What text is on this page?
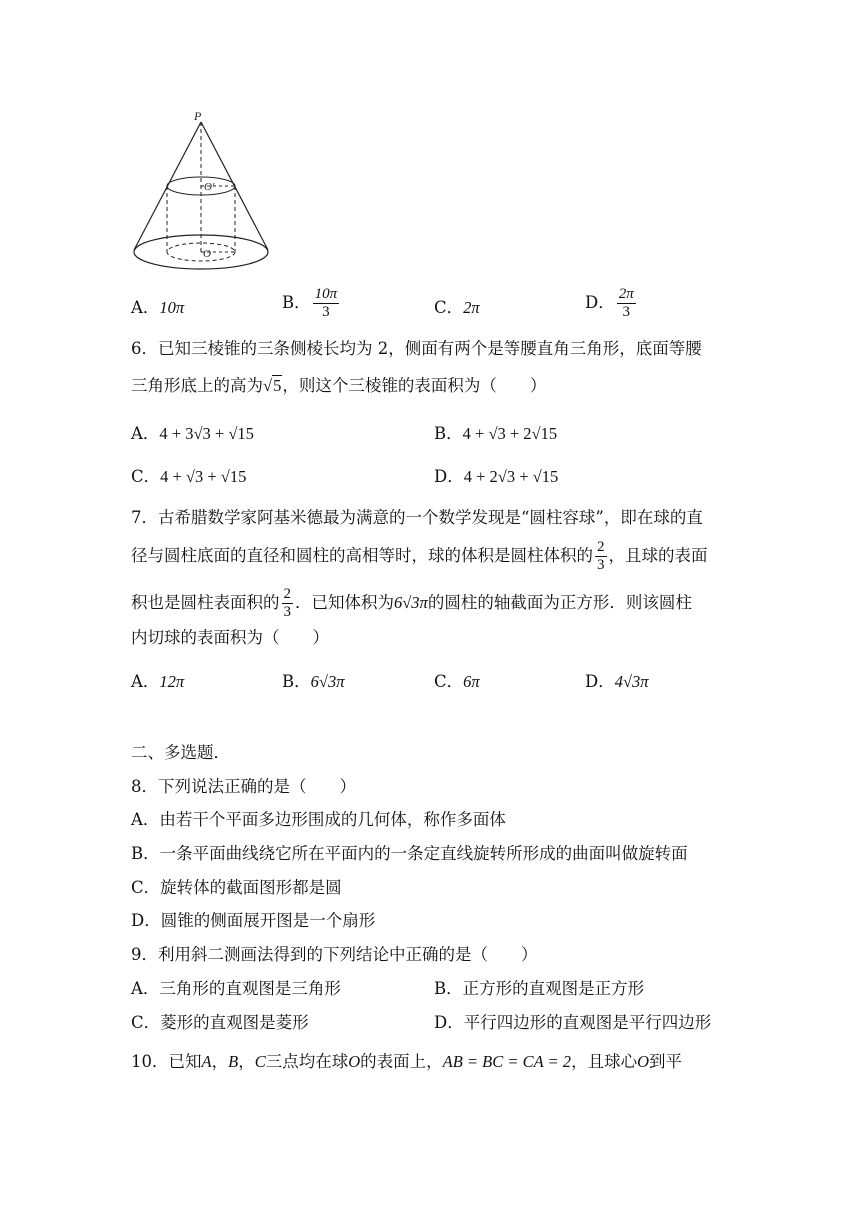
P
O'
O
A．10π	B． $\frac{10\pi}{3}$	C．2π	D． $\frac{2\pi}{3}$
6．已知三棱锥的三条侧棱长均为 2，侧面有两个是等腰直角三角形，底面等腰
三角形底上的高为√5，则这个三棱锥的表面积为（　　）
A．4 + 3√3 + √15	B．4 + √3 + 2√15
C．4 + √3 + √15	D．4 + 2√3 + √15
7．古希腊数学家阿基米德最为满意的一个数学发现是“圆柱容球”，即在球的直
径与圆柱底面的直径和圆柱的高相等时，球的体积是圆柱体积的 $\frac{2}{3}$ ，且球的表面
积也是圆柱表面积的 $\frac{2}{3}$ ．已知体积为6√3π的圆柱的轴截面为正方形．则该圆柱
内切球的表面积为（　　）
A．12π	B．6√3π	C．6π	D．4√3π
二、多选题．
8．下列说法正确的是（　　）
A．由若干个平面多边形围成的几何体，称作多面体
B．一条平面曲线绕它所在平面内的一条定直线旋转所形成的曲面叫做旋转面
C．旋转体的截面图形都是圆
D．圆锥的侧面展开图是一个扇形
9．利用斜二测画法得到的下列结论中正确的是（　　）
A．三角形的直观图是三角形	B．正方形的直观图是正方形
C．菱形的直观图是菱形	D．平行四边形的直观图是平行四边形
10．已知A，B，C三点均在球O的表面上，AB = BC = CA = 2，且球心O到平
